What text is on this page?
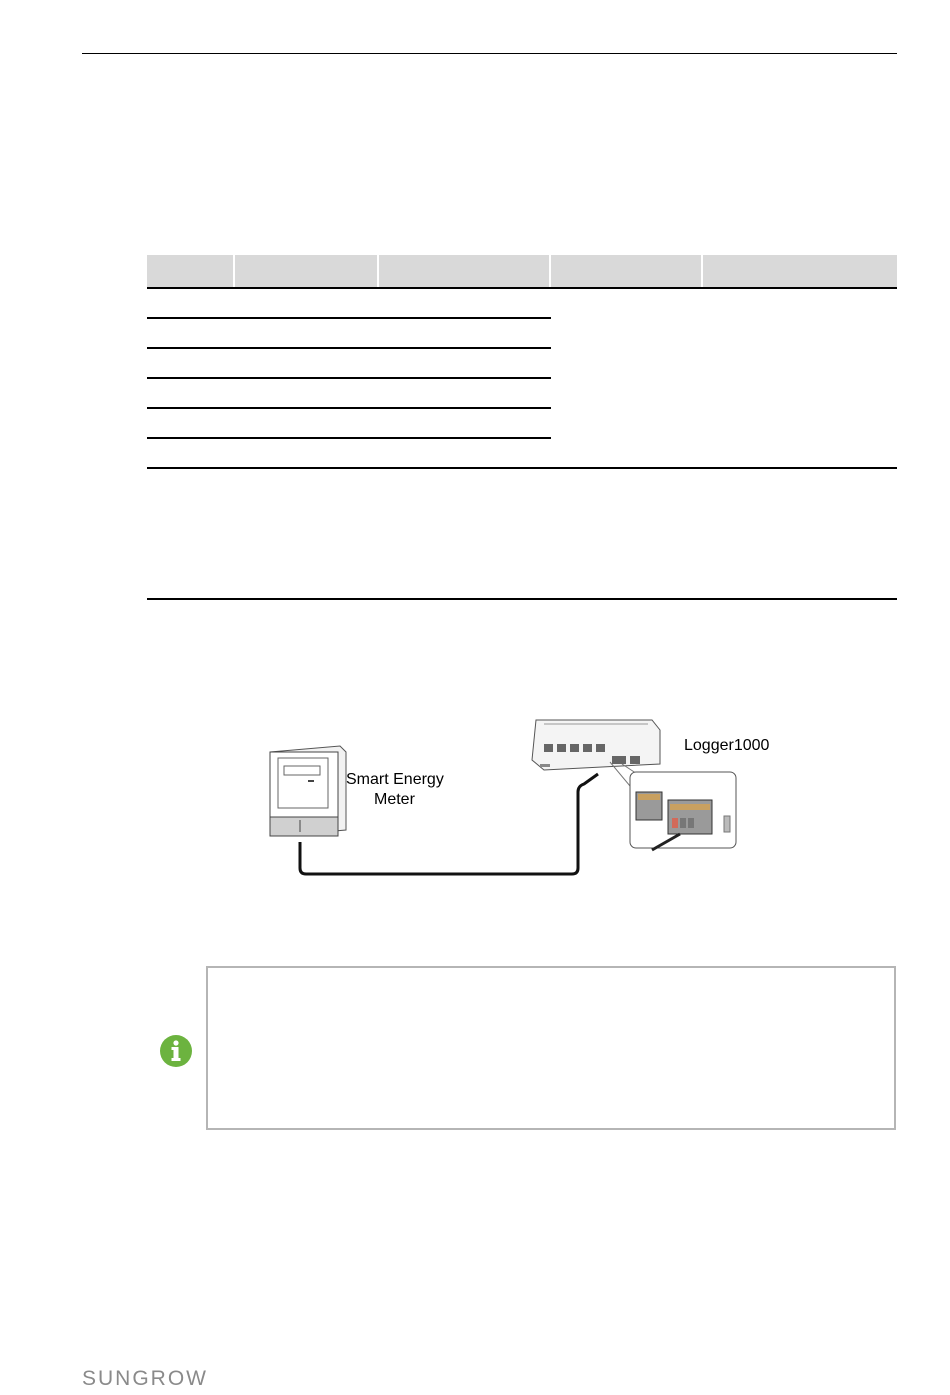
Smart Energy
Meter
Logger1000
SUNGROW
